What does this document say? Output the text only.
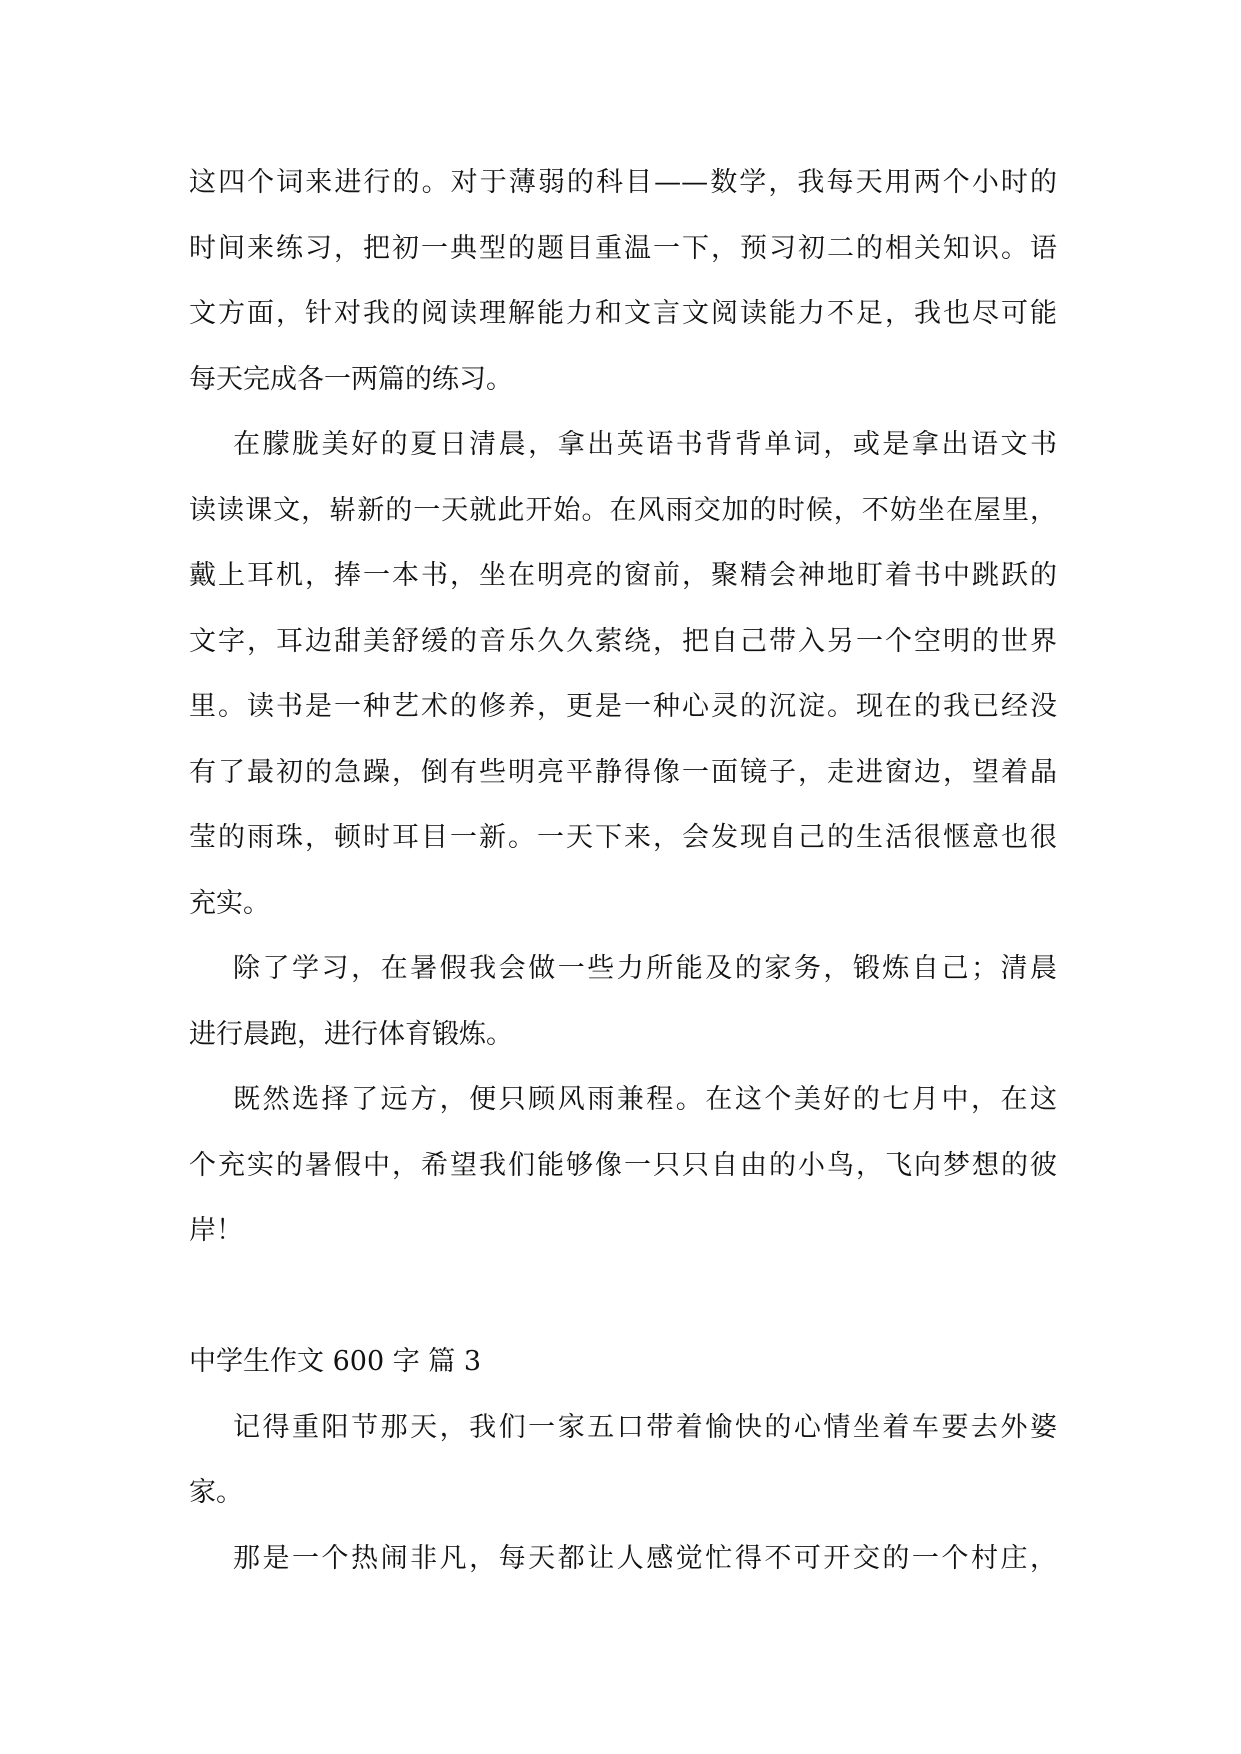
这四个词来进行的。对于薄弱的科目——数学，我每天用两个小时的
时间来练习，把初一典型的题目重温一下，预习初二的相关知识。语
文方面，针对我的阅读理解能力和文言文阅读能力不足，我也尽可能
每天完成各一两篇的练习。
在朦胧美好的夏日清晨，拿出英语书背背单词，或是拿出语文书
读读课文，崭新的一天就此开始。在风雨交加的时候，不妨坐在屋里，
戴上耳机，捧一本书，坐在明亮的窗前，聚精会神地盯着书中跳跃的
文字，耳边甜美舒缓的音乐久久萦绕，把自己带入另一个空明的世界
里。读书是一种艺术的修养，更是一种心灵的沉淀。现在的我已经没
有了最初的急躁，倒有些明亮平静得像一面镜子，走进窗边，望着晶
莹的雨珠，顿时耳目一新。一天下来，会发现自己的生活很惬意也很
充实。
除了学习，在暑假我会做一些力所能及的家务，锻炼自己；清晨
进行晨跑，进行体育锻炼。
既然选择了远方，便只顾风雨兼程。在这个美好的七月中，在这
个充实的暑假中，希望我们能够像一只只自由的小鸟，飞向梦想的彼
岸！
中学生作文 600 字 篇 3
记得重阳节那天，我们一家五口带着愉快的心情坐着车要去外婆
家。
那是一个热闹非凡，每天都让人感觉忙得不可开交的一个村庄，
